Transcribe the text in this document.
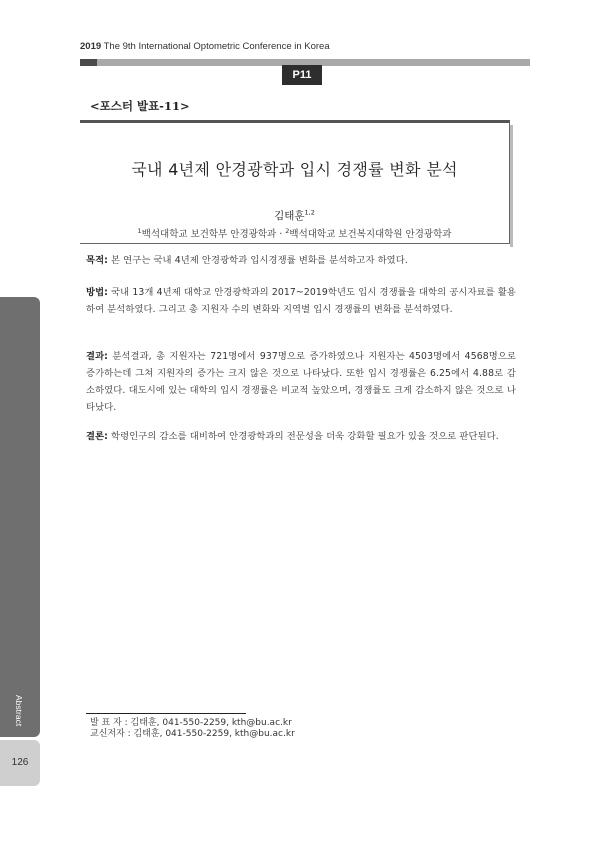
2019 The 9th International Optometric Conference in Korea
P11
<포스터 발표-11>
국내 4년제 안경광학과 입시 경쟁률 변화 분석
김태훈$^{1,2}$
$^1$백석대학교 보건학부 안경광학과 · $^2$백석대학교 보건복지대학원 안경광학과
목적: 본 연구는 국내 4년제 안경광학과 입시경쟁률 변화를 분석하고자 하였다.
방법: 국내 13개 4년제 대학교 안경광학과의 2017~2019학년도 입시 경쟁률을 대학의 공시자료를 활용하여 분석하였다. 그리고 총 지원자 수의 변화와 지역별 입시 경쟁률의 변화를 분석하였다.
결과: 분석결과, 총 지원자는 721명에서 937명으로 증가하였으나 지원자는 4503명에서 4568명으로 증가하는데 그쳐 지원자의 증가는 크지 않은 것으로 나타났다. 또한 입시 경쟁률은 6.25에서 4.88로 감소하였다. 대도시에 있는 대학의 입시 경쟁률은 비교적 높았으며, 경쟁률도 크게 감소하지 않은 것으로 나타났다.
결론: 학령인구의 감소를 대비하여 안경광학과의 전문성을 더욱 강화할 필요가 있을 것으로 판단된다.
Abstract
126
발 표 자 : 김태훈, 041-550-2259, kth@bu.ac.kr
교신저자 : 김태훈, 041-550-2259, kth@bu.ac.kr
